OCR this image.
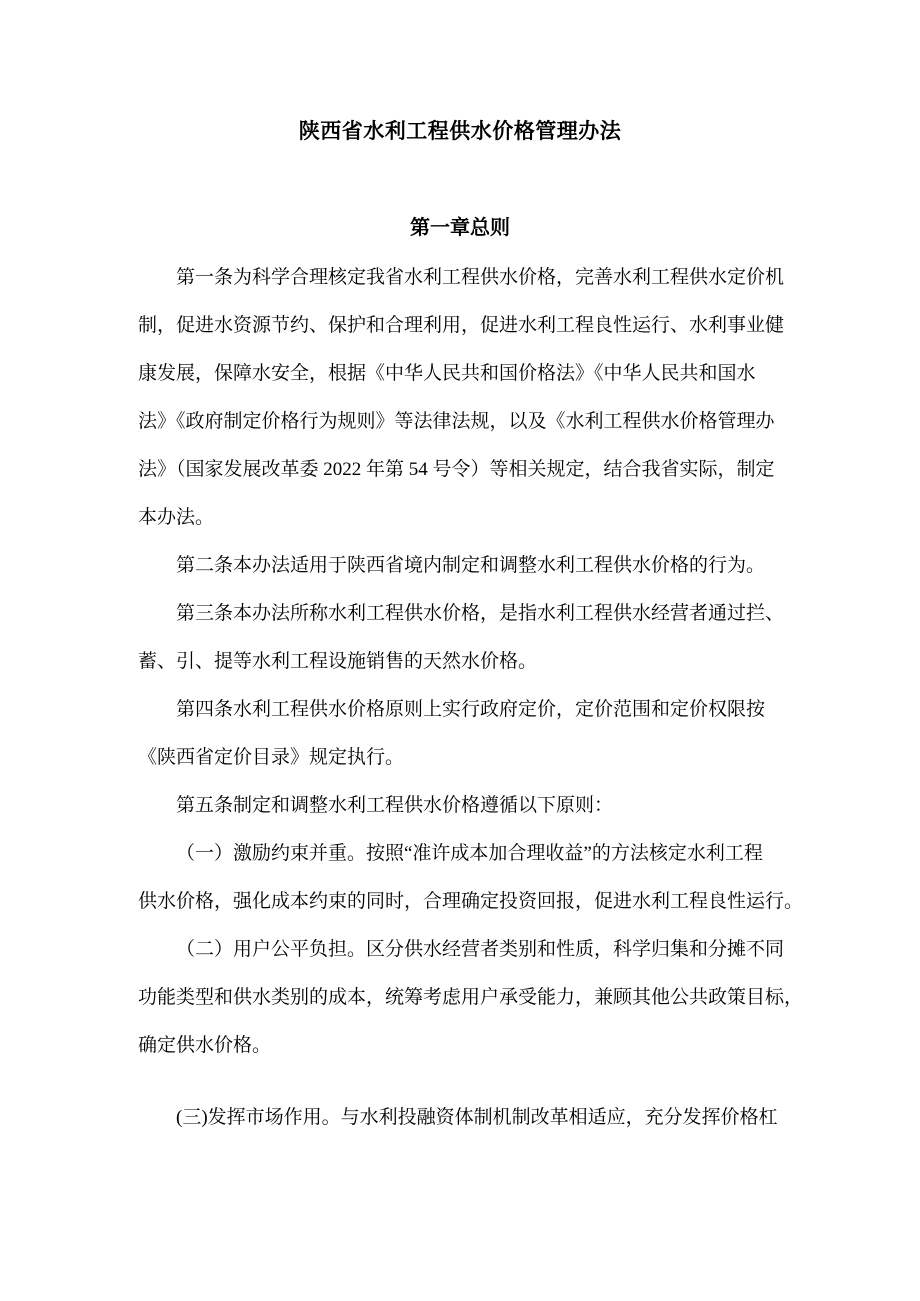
陕西省水利工程供水价格管理办法
第一章总则
第一条为科学合理核定我省水利工程供水价格，完善水利工程供水定价机
制，促进水资源节约、保护和合理利用，促进水利工程良性运行、水利事业健
康发展，保障水安全，根据《中华人民共和国价格法》《中华人民共和国水
法》《政府制定价格行为规则》等法律法规，以及《水利工程供水价格管理办
法》（国家发展改革委 2022 年第 54 号令）等相关规定，结合我省实际，制定
本办法。
第二条本办法适用于陕西省境内制定和调整水利工程供水价格的行为。
第三条本办法所称水利工程供水价格，是指水利工程供水经营者通过拦、
蓄、引、提等水利工程设施销售的天然水价格。
第四条水利工程供水价格原则上实行政府定价，定价范围和定价权限按
《陕西省定价目录》规定执行。
第五条制定和调整水利工程供水价格遵循以下原则：
（一）激励约束并重。按照“准许成本加合理收益”的方法核定水利工程
供水价格，强化成本约束的同时，合理确定投资回报，促进水利工程良性运行。
（二）用户公平负担。区分供水经营者类别和性质，科学归集和分摊不同
功能类型和供水类别的成本，统筹考虑用户承受能力，兼顾其他公共政策目标，
确定供水价格。
(三)发挥市场作用。与水利投融资体制机制改革相适应，充分发挥价格杠
